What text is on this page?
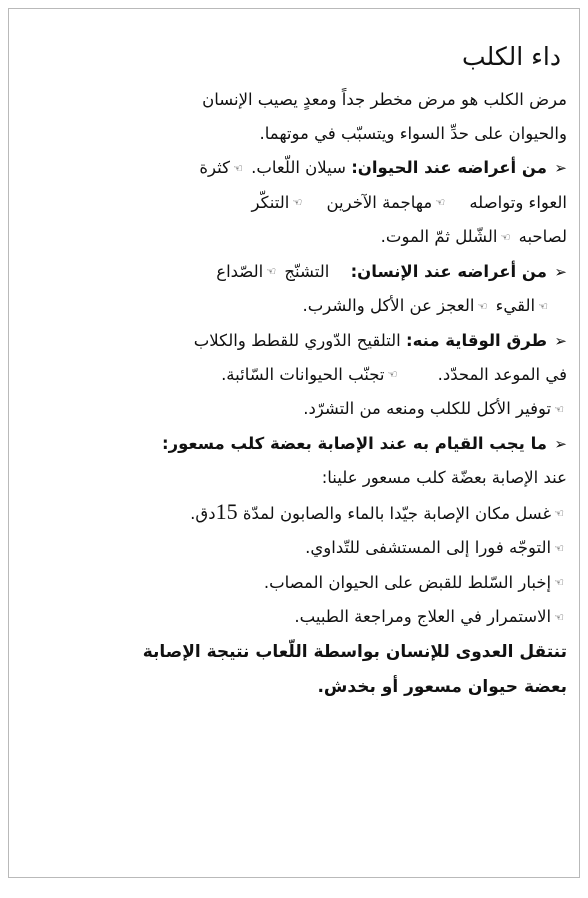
داء الكلب
مرض الكلب هو مرض مخطر جداً ومعدٍ يصيب الإنسان
والحيوان على حدِّ السواء ويتسبّب في موتهما.
➢من أعراضه عند الحيوان: سيلان اللّعاب. ☜كثرة
العواء وتواصله ☜مهاجمة الآخرين ☜التنكّر
لصاحبه ☜الشّلل ثمّ الموت.
➢من أعراضه عند الإنسان: التشنّج ☜الصّداع
☜القيء ☜العجز عن الأكل والشرب.
➢طرق الوقاية منه: التلقيح الدّوري للقطط والكلاب
في الموعد المحدّد. ☜تجنّب الحيوانات السّائبة.
☜توفير الأكل للكلب ومنعه من التشرّد.
➢ما يجب القيام به عند الإصابة بعضة كلب مسعور:
عند الإصابة بعضّة كلب مسعور علينا:
☜غسل مكان الإصابة جيّدا بالماء والصابون لمدّة 15دق.
☜التوجّه فورا إلى المستشفى للتّداوي.
☜إخبار السّلط للقبض على الحيوان المصاب.
☜الاستمرار في العلاج ومراجعة الطبيب.
تنتقل العدوى للإنسان بواسطة اللّعاب نتيجة الإصابة
بعضة حيوان مسعور أو بخدش.
